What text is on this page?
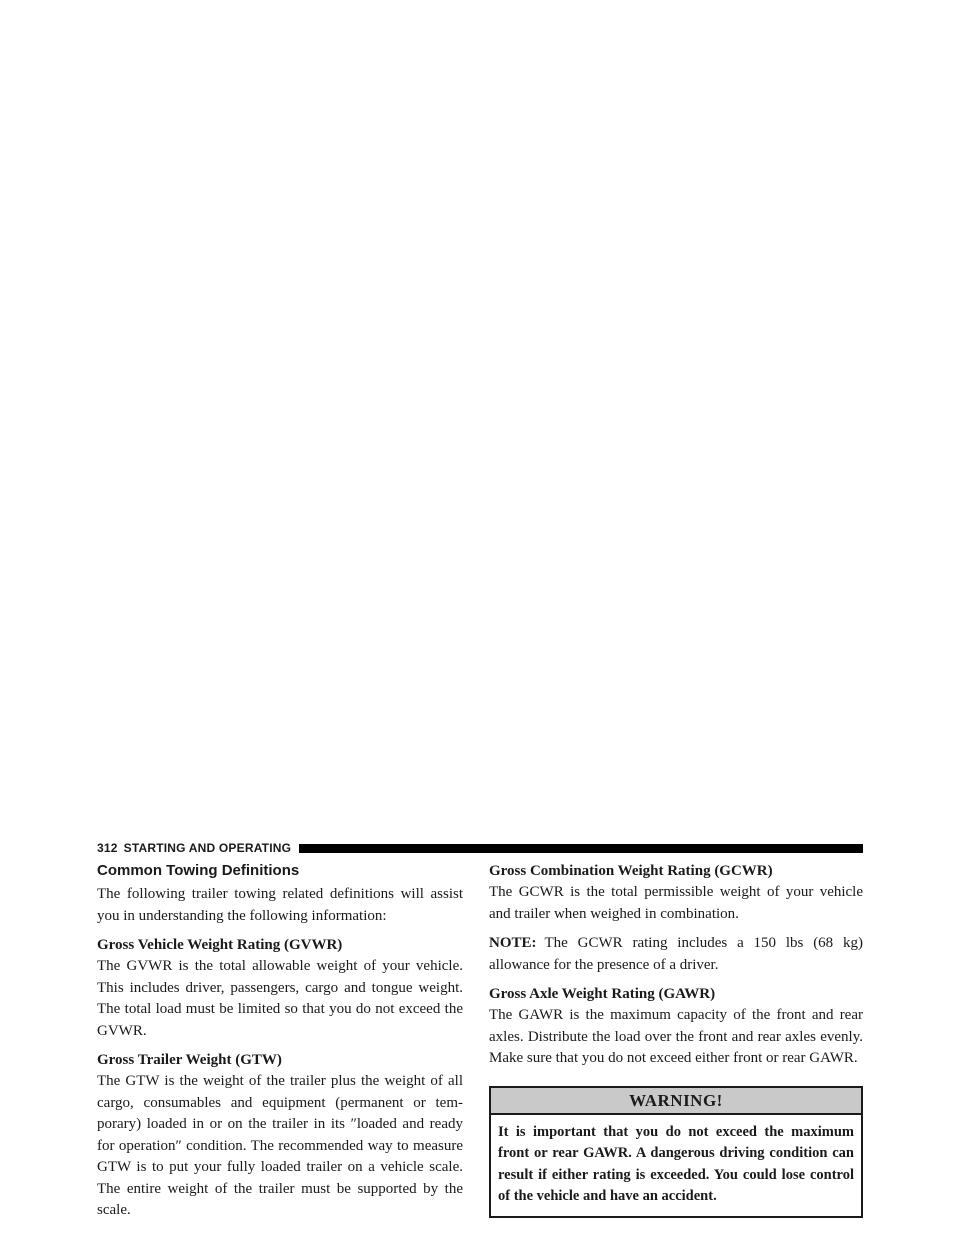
312 STARTING AND OPERATING
Common Towing Definitions

The following trailer towing related definitions will assist you in understanding the following information:

Gross Vehicle Weight Rating (GVWR)

The GVWR is the total allowable weight of your vehicle. This includes driver, passengers, cargo and tongue weight. The total load must be limited so that you do not exceed the GVWR.

Gross Trailer Weight (GTW)

The GTW is the weight of the trailer plus the weight of all cargo, consumables and equipment (permanent or tem-porary) loaded in or on the trailer in its ″loaded and ready for operation″ condition. The recommended way to measure GTW is to put your fully loaded trailer on a vehicle scale. The entire weight of the trailer must be supported by the scale.

Gross Combination Weight Rating (GCWR)

The GCWR is the total permissible weight of your vehicle and trailer when weighed in combination.

NOTE: The GCWR rating includes a 150 lbs (68 kg) allowance for the presence of a driver.

Gross Axle Weight Rating (GAWR)

The GAWR is the maximum capacity of the front and rear axles. Distribute the load over the front and rear axles evenly. Make sure that you do not exceed either front or rear GAWR.

WARNING!
It is important that you do not exceed the maximum front or rear GAWR. A dangerous driving condition can result if either rating is exceeded. You could lose control of the vehicle and have an accident.
